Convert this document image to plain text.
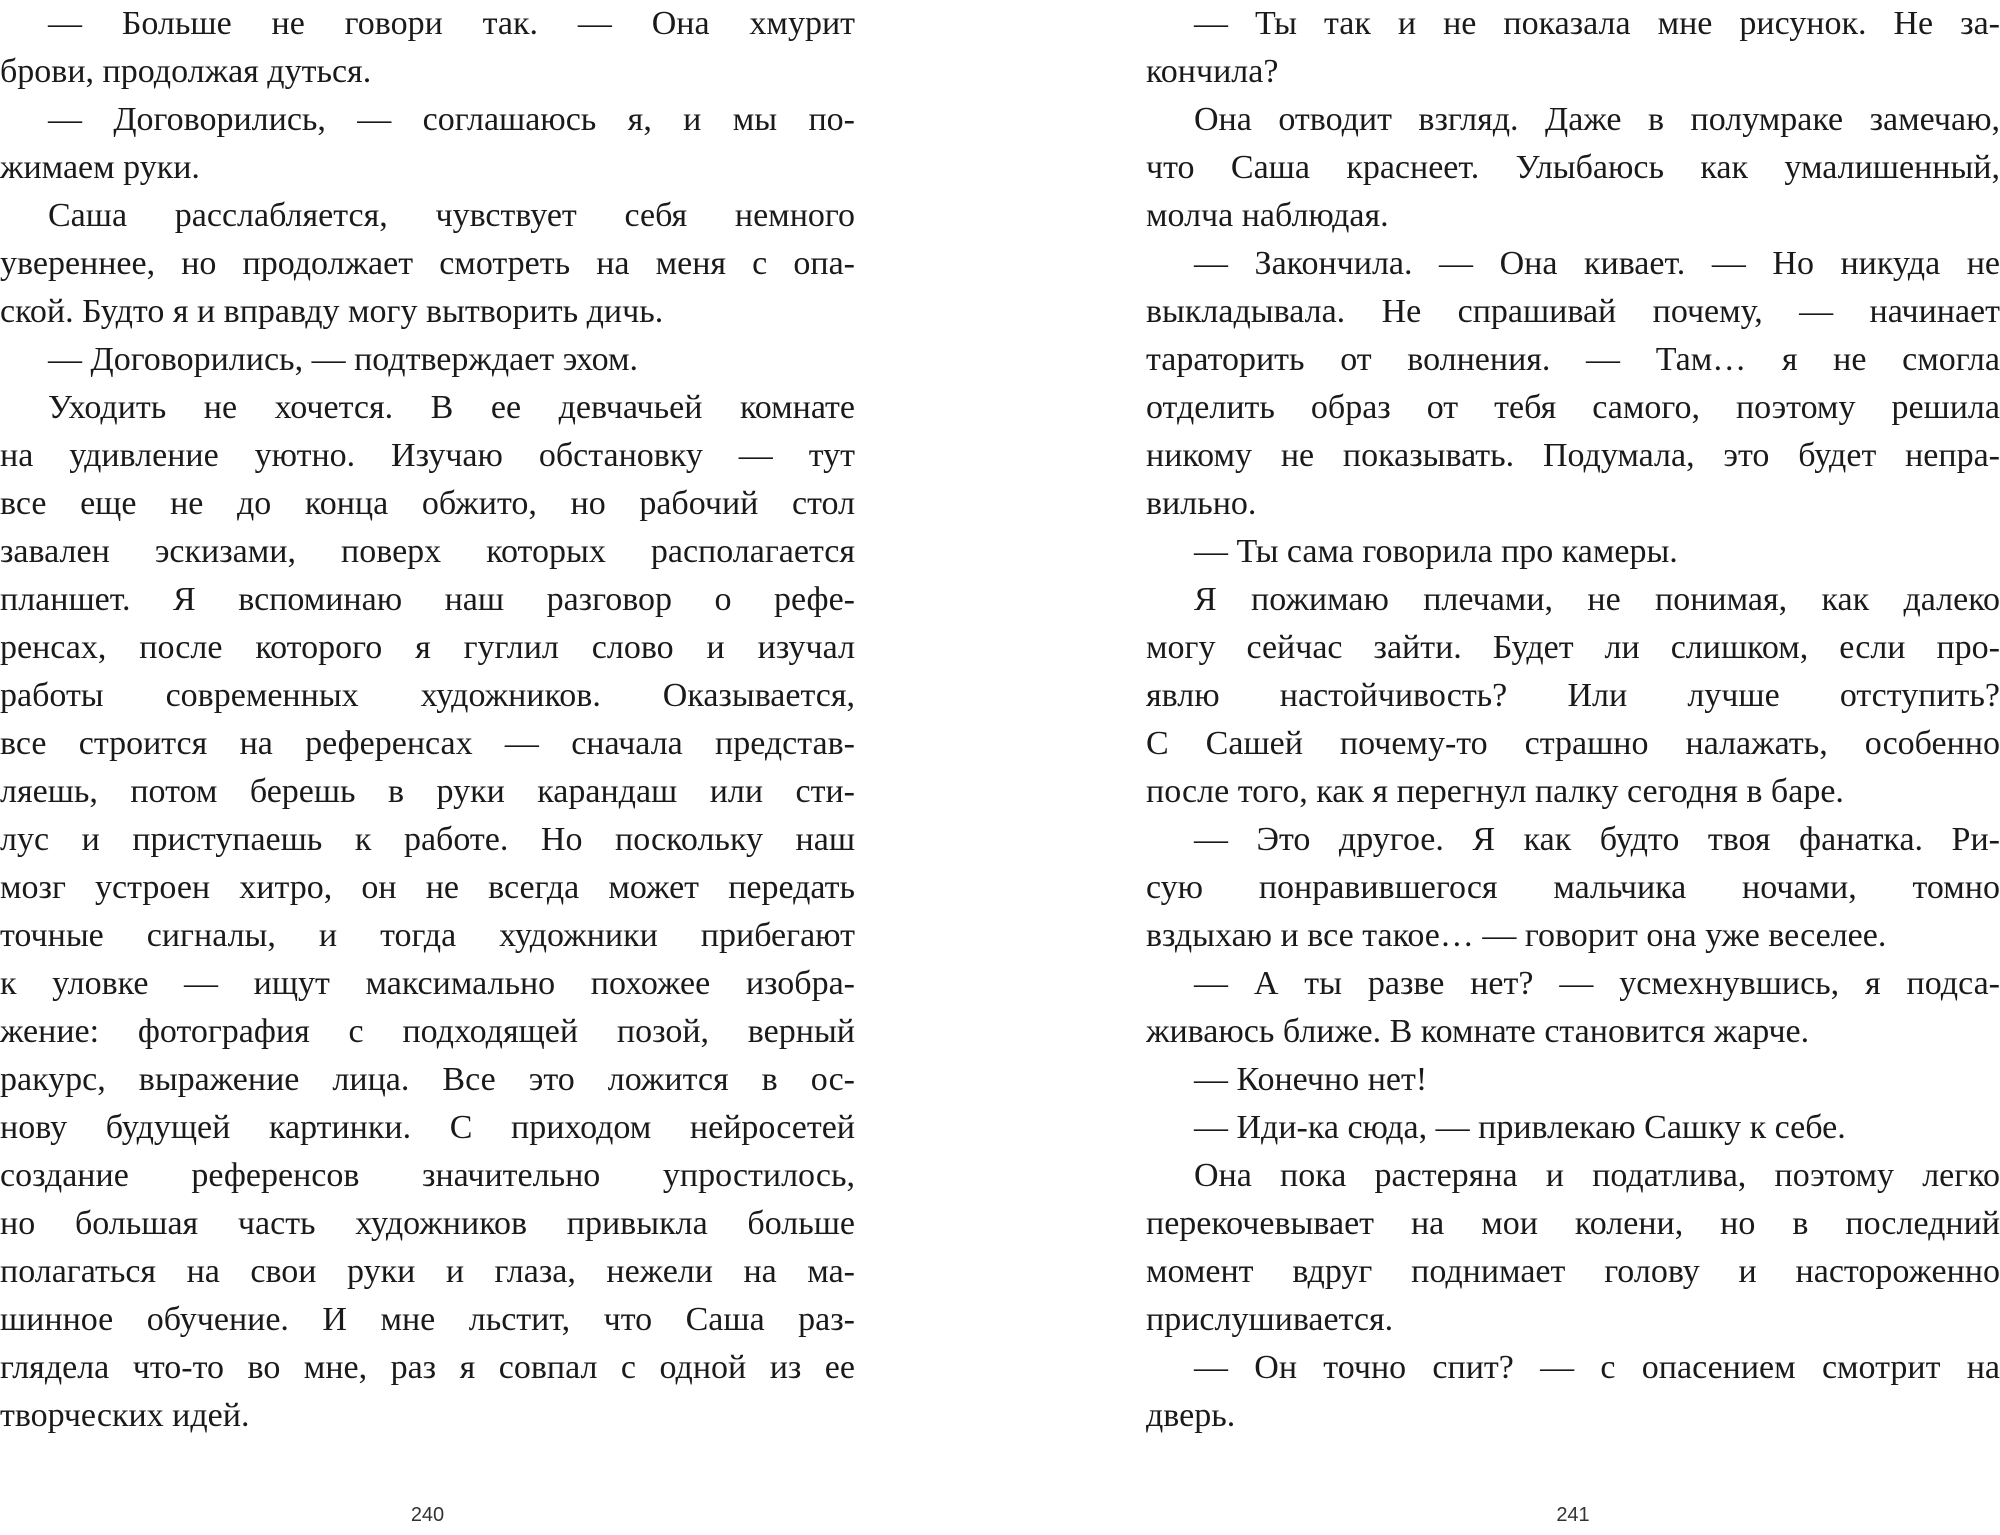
— Больше не говори так. — Она хмурит
брови, продолжая дуться.
— Договорились, — соглашаюсь я, и мы по-
жимаем руки.
Саша расслабляется, чувствует себя немного
увереннее, но продолжает смотреть на меня с опа-
ской. Будто я и вправду могу вытворить дичь.
— Договорились, — подтверждает эхом.
Уходить не хочется. В ее девчачьей комнате
на удивление уютно. Изучаю обстановку — тут
все еще не до конца обжито, но рабочий стол
завален эскизами, поверх которых располагается
планшет. Я вспоминаю наш разговор о рефе-
ренсах, после которого я гуглил слово и изучал
работы современных художников. Оказывается,
все строится на референсах — сначала представ-
ляешь, потом берешь в руки карандаш или сти-
лус и приступаешь к работе. Но поскольку наш
мозг устроен хитро, он не всегда может передать
точные сигналы, и тогда художники прибегают
к уловке — ищут максимально похожее изобра-
жение: фотография с подходящей позой, верный
ракурс, выражение лица. Все это ложится в ос-
нову будущей картинки. С приходом нейросетей
создание референсов значительно упростилось,
но большая часть художников привыкла больше
полагаться на свои руки и глаза, нежели на ма-
шинное обучение. И мне льстит, что Саша раз-
глядела что-то во мне, раз я совпал с одной из ее
творческих идей.
240
— Ты так и не показала мне рисунок. Не за-
кончила?
Она отводит взгляд. Даже в полумраке замечаю,
что Саша краснеет. Улыбаюсь как умалишенный,
молча наблюдая.
— Закончила. — Она кивает. — Но никуда не
выкладывала. Не спрашивай почему, — начинает
тараторить от волнения. — Там… я не смогла
отделить образ от тебя самого, поэтому решила
никому не показывать. Подумала, это будет непра-
вильно.
— Ты сама говорила про камеры.
Я пожимаю плечами, не понимая, как далеко
могу сейчас зайти. Будет ли слишком, если про-
явлю настойчивость? Или лучше отступить?
С Сашей почему-то страшно налажать, особенно
после того, как я перегнул палку сегодня в баре.
— Это другое. Я как будто твоя фанатка. Ри-
сую понравившегося мальчика ночами, томно
вздыхаю и все такое… — говорит она уже веселее.
— А ты разве нет? — усмехнувшись, я подса-
живаюсь ближе. В комнате становится жарче.
— Конечно нет!
— Иди-ка сюда, — привлекаю Сашку к себе.
Она пока растеряна и податлива, поэтому легко
перекочевывает на мои колени, но в последний
момент вдруг поднимает голову и настороженно
прислушивается.
— Он точно спит? — с опасением смотрит на
дверь.
241
